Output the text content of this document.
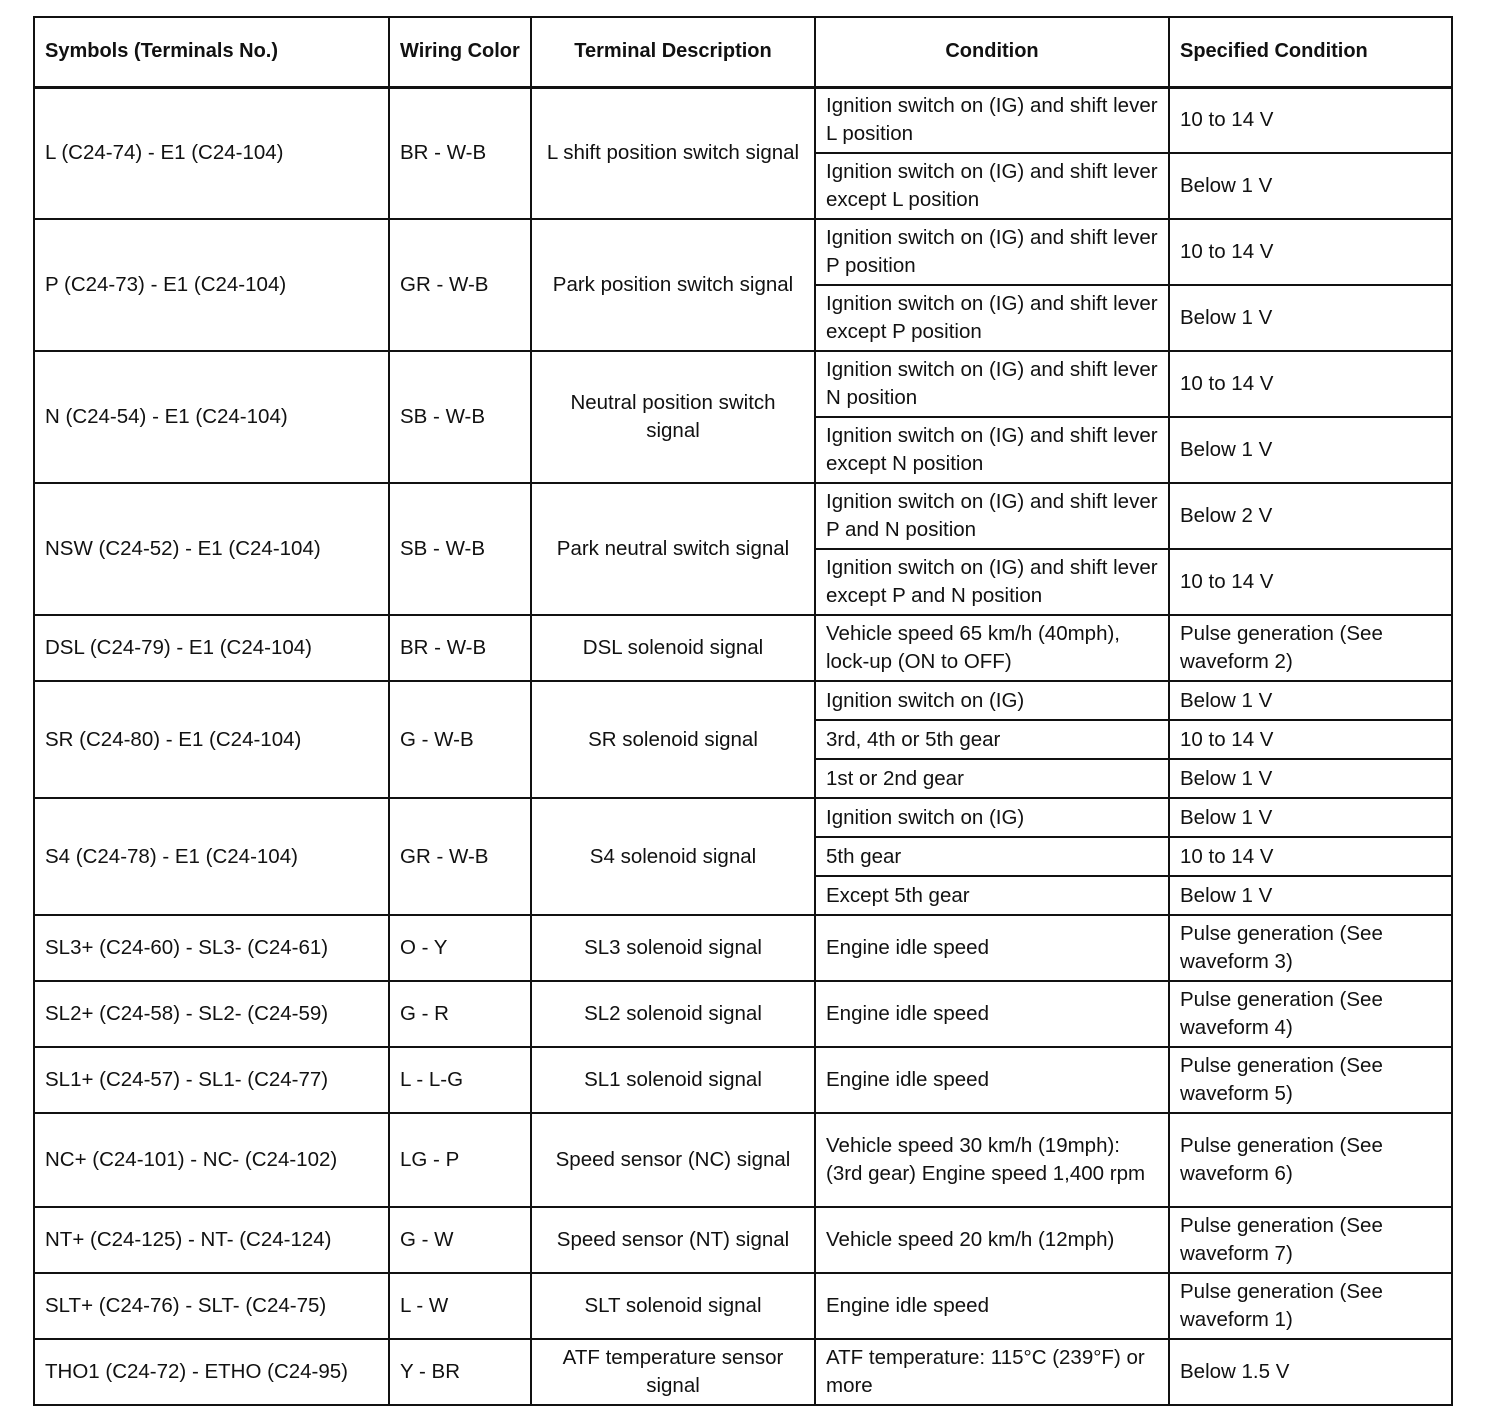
Symbols (Terminals No.)	Wiring Color	Terminal Description	Condition	Specified Condition
L (C24-74) - E1 (C24-104)	BR - W-B	L shift position switch signal	Ignition switch on (IG) and shift lever L position	10 to 14 V
			Ignition switch on (IG) and shift lever except L position	Below 1 V
P (C24-73) - E1 (C24-104)	GR - W-B	Park position switch signal	Ignition switch on (IG) and shift lever P position	10 to 14 V
			Ignition switch on (IG) and shift lever except P position	Below 1 V
N (C24-54) - E1 (C24-104)	SB - W-B	Neutral position switch signal	Ignition switch on (IG) and shift lever N position	10 to 14 V
			Ignition switch on (IG) and shift lever except N position	Below 1 V
NSW (C24-52) - E1 (C24-104)	SB - W-B	Park neutral switch signal	Ignition switch on (IG) and shift lever P and N position	Below 2 V
			Ignition switch on (IG) and shift lever except P and N position	10 to 14 V
DSL (C24-79) - E1 (C24-104)	BR - W-B	DSL solenoid signal	Vehicle speed 65 km/h (40mph), lock-up (ON to OFF)	Pulse generation (See waveform 2)
SR (C24-80) - E1 (C24-104)	G - W-B	SR solenoid signal	Ignition switch on (IG)	Below 1 V
			3rd, 4th or 5th gear	10 to 14 V
			1st or 2nd gear	Below 1 V
S4 (C24-78) - E1 (C24-104)	GR - W-B	S4 solenoid signal	Ignition switch on (IG)	Below 1 V
			5th gear	10 to 14 V
			Except 5th gear	Below 1 V
SL3+ (C24-60) - SL3- (C24-61)	O - Y	SL3 solenoid signal	Engine idle speed	Pulse generation (See waveform 3)
SL2+ (C24-58) - SL2- (C24-59)	G - R	SL2 solenoid signal	Engine idle speed	Pulse generation (See waveform 4)
SL1+ (C24-57) - SL1- (C24-77)	L - L-G	SL1 solenoid signal	Engine idle speed	Pulse generation (See waveform 5)
NC+ (C24-101) - NC- (C24-102)	LG - P	Speed sensor (NC) signal	Vehicle speed 30 km/h (19mph): (3rd gear) Engine speed 1,400 rpm	Pulse generation (See waveform 6)
NT+ (C24-125) - NT- (C24-124)	G - W	Speed sensor (NT) signal	Vehicle speed 20 km/h (12mph)	Pulse generation (See waveform 7)
SLT+ (C24-76) - SLT- (C24-75)	L - W	SLT solenoid signal	Engine idle speed	Pulse generation (See waveform 1)
THO1 (C24-72) - ETHO (C24-95)	Y - BR	ATF temperature sensor signal	ATF temperature: 115°C (239°F) or more	Below 1.5 V
